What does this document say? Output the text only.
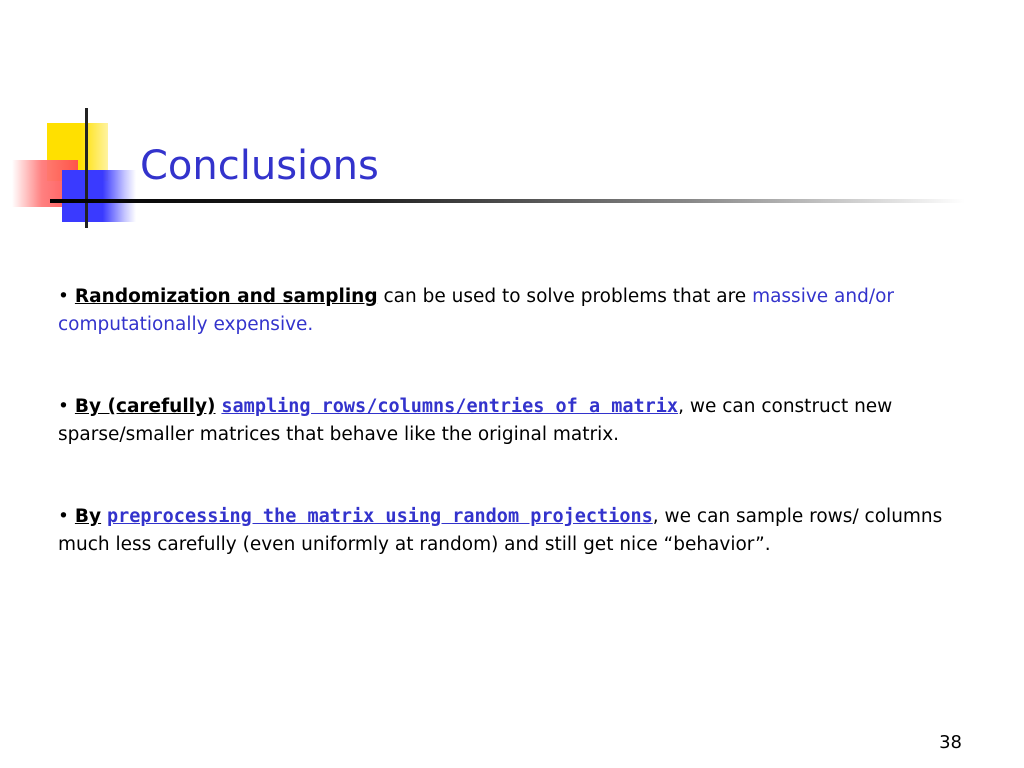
Conclusions
• Randomization and sampling can be used to solve problems that are massive and/or computationally expensive.
• By (carefully) sampling rows/columns/entries of a matrix, we can construct new sparse/smaller matrices that behave like the original matrix.
• By preprocessing the matrix using random projections, we can sample rows/ columns much less carefully (even uniformly at random) and still get nice “behavior”.
38
